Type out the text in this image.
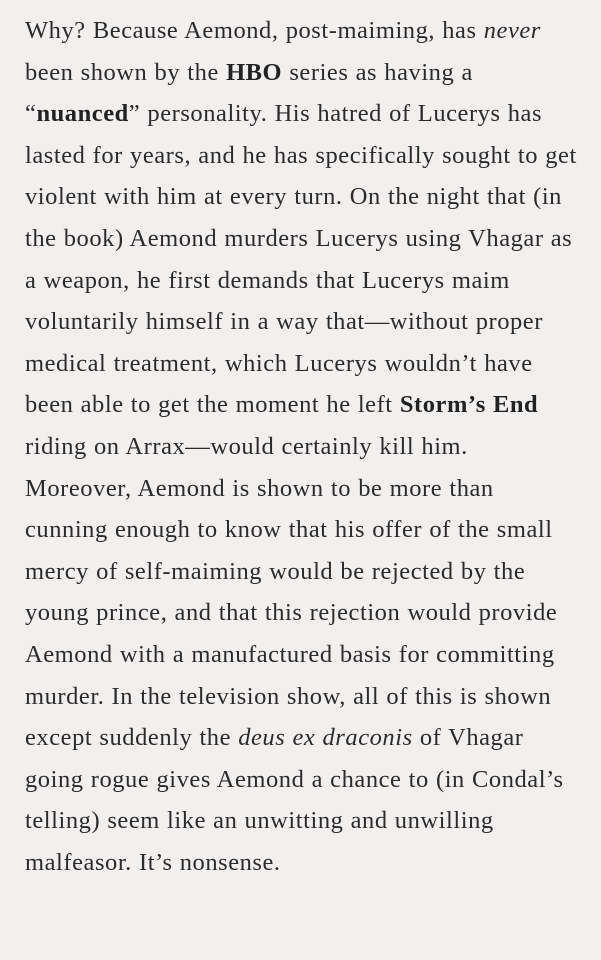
Why? Because Aemond, post-maiming, has never been shown by the HBO series as having a “nuanced” personality. His hatred of Lucerys has lasted for years, and he has specifically sought to get violent with him at every turn. On the night that (in the book) Aemond murders Lucerys using Vhagar as a weapon, he first demands that Lucerys maim voluntarily himself in a way that—without proper medical treatment, which Lucerys wouldn’t have been able to get the moment he left Storm’s End riding on Arrax—would certainly kill him. Moreover, Aemond is shown to be more than cunning enough to know that his offer of the small mercy of self-maiming would be rejected by the young prince, and that this rejection would provide Aemond with a manufactured basis for committing murder. In the television show, all of this is shown except suddenly the deus ex draconis of Vhagar going rogue gives Aemond a chance to (in Condal’s telling) seem like an unwitting and unwilling malfeasor. It’s nonsense.
